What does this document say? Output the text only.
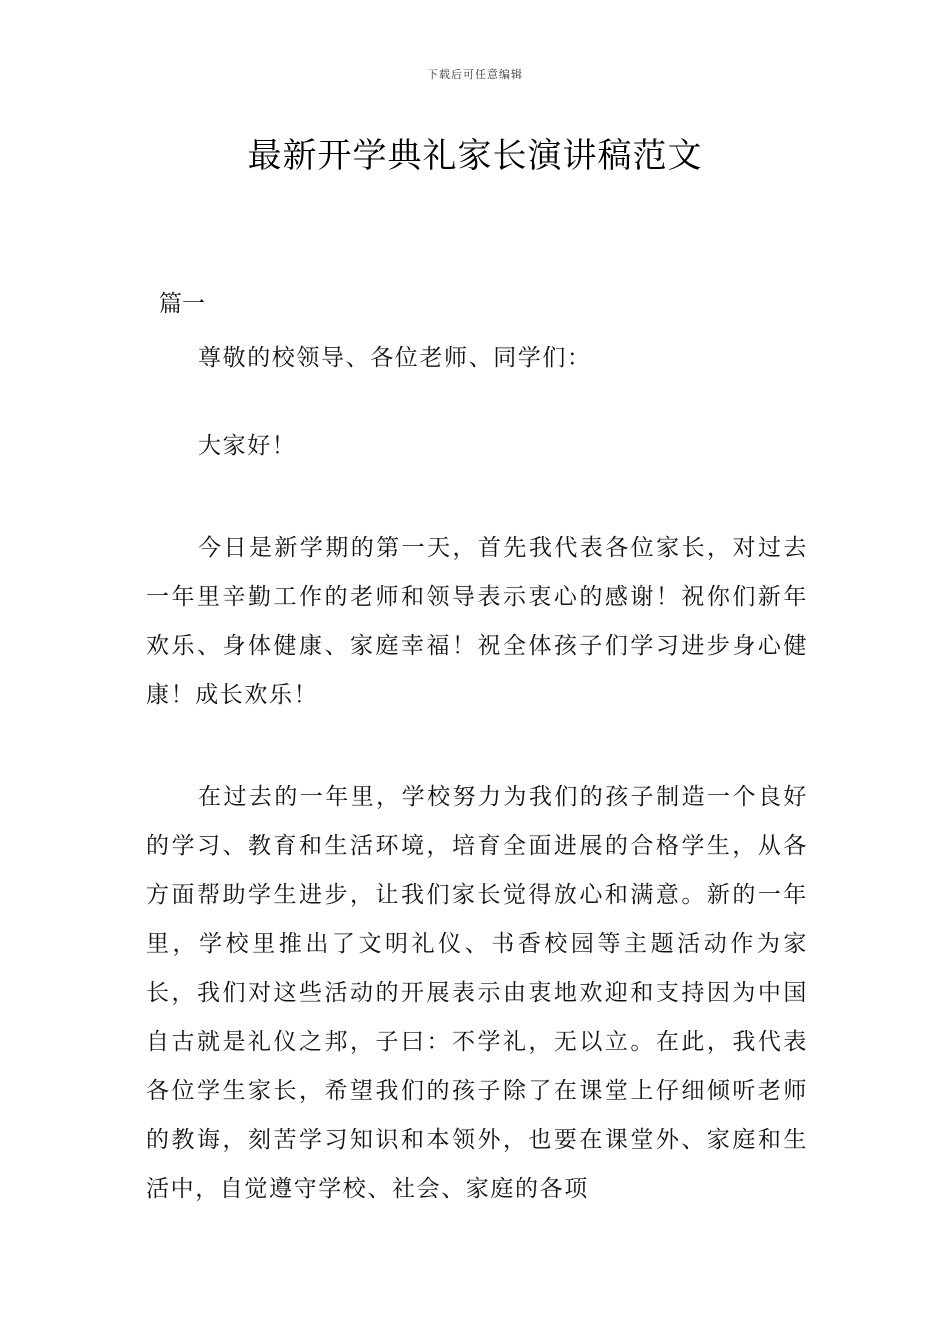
下载后可任意编辑
最新开学典礼家长演讲稿范文

篇一

尊敬的校领导、各位老师、同学们：

大家好！

今日是新学期的第一天，首先我代表各位家长，对过去一年里辛勤工作的老师和领导表示衷心的感谢！祝你们新年欢乐、身体健康、家庭幸福！祝全体孩子们学习进步身心健康！成长欢乐！

在过去的一年里，学校努力为我们的孩子制造一个良好的学习、教育和生活环境，培育全面进展的合格学生，从各方面帮助学生进步，让我们家长觉得放心和满意。新的一年里，学校里推出了文明礼仪、书香校园等主题活动作为家长，我们对这些活动的开展表示由衷地欢迎和支持因为中国自古就是礼仪之邦，子曰：不学礼，无以立。在此，我代表各位学生家长，希望我们的孩子除了在课堂上仔细倾听老师的教诲，刻苦学习知识和本领外，也要在课堂外、家庭和生活中，自觉遵守学校、社会、家庭的各项
